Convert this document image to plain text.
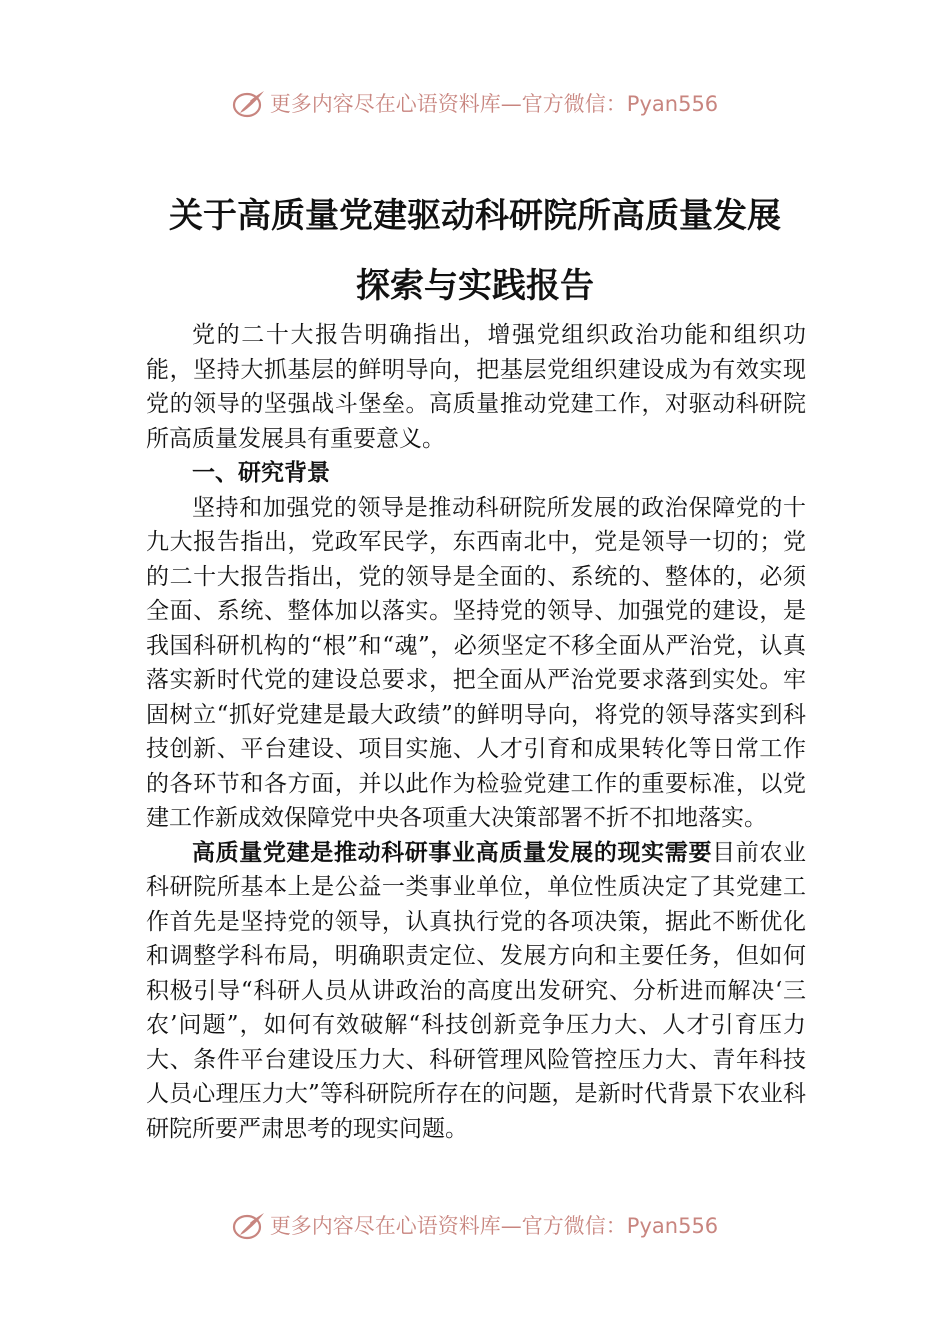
更多内容尽在心语资料库—官方微信：Pyan556
关于高质量党建驱动科研院所高质量发展
探索与实践报告

党的二十大报告明确指出，增强党组织政治功能和组织功能，坚持大抓基层的鲜明导向，把基层党组织建设成为有效实现党的领导的坚强战斗堡垒。高质量推动党建工作，对驱动科研院所高质量发展具有重要意义。

一、研究背景

坚持和加强党的领导是推动科研院所发展的政治保障党的十九大报告指出，党政军民学，东西南北中，党是领导一切的；党的二十大报告指出，党的领导是全面的、系统的、整体的，必须全面、系统、整体加以落实。坚持党的领导、加强党的建设，是我国科研机构的“根”和“魂”，必须坚定不移全面从严治党，认真落实新时代党的建设总要求，把全面从严治党要求落到实处。牢固树立“抓好党建是最大政绩”的鲜明导向，将党的领导落实到科技创新、平台建设、项目实施、人才引育和成果转化等日常工作的各环节和各方面，并以此作为检验党建工作的重要标准，以党建工作新成效保障党中央各项重大决策部署不折不扣地落实。

高质量党建是推动科研事业高质量发展的现实需要目前农业科研院所基本上是公益一类事业单位，单位性质决定了其党建工作首先是坚持党的领导，认真执行党的各项决策，据此不断优化和调整学科布局，明确职责定位、发展方向和主要任务，但如何积极引导“科研人员从讲政治的高度出发研究、分析进而解决‘三农’问题”，如何有效破解“科技创新竞争压力大、人才引育压力大、条件平台建设压力大、科研管理风险管控压力大、青年科技人员心理压力大”等科研院所存在的问题，是新时代背景下农业科研院所要严肃思考的现实问题。

更多内容尽在心语资料库—官方微信：Pyan556
